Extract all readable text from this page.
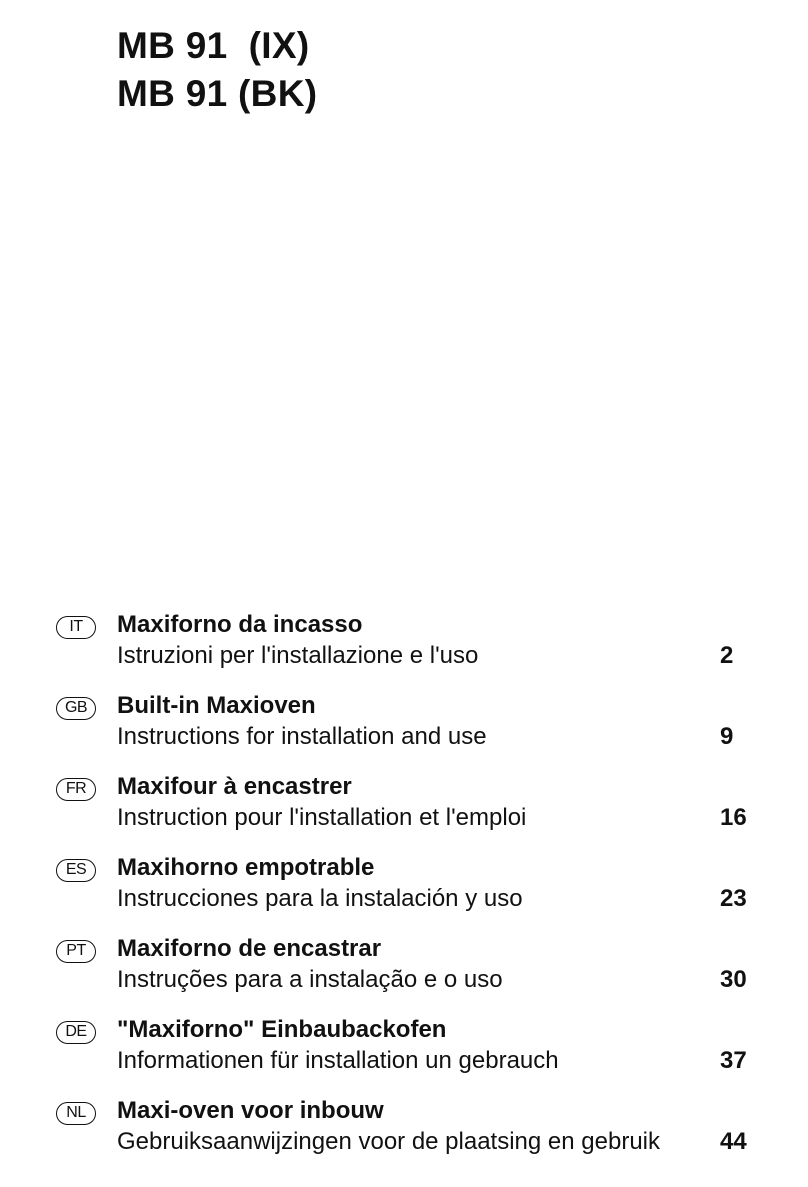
MB 91  (IX)
MB 91 (BK)
IT	Maxiforno da incasso
Istruzioni per l'installazione e l'uso	2
GB	Built-in Maxioven
Instructions for installation and use	9
FR	Maxifour à encastrer
Instruction pour l'installation et l'emploi	16
ES	Maxihorno empotrable
Instrucciones para la instalación y uso	23
PT	Maxiforno de encastrar
Instruções para a instalação e o uso	30
DE	"Maxiforno" Einbaubackofen
Informationen für installation un gebrauch	37
NL	Maxi-oven voor inbouw
Gebruiksaanwijzingen voor de plaatsing en gebruik	44
